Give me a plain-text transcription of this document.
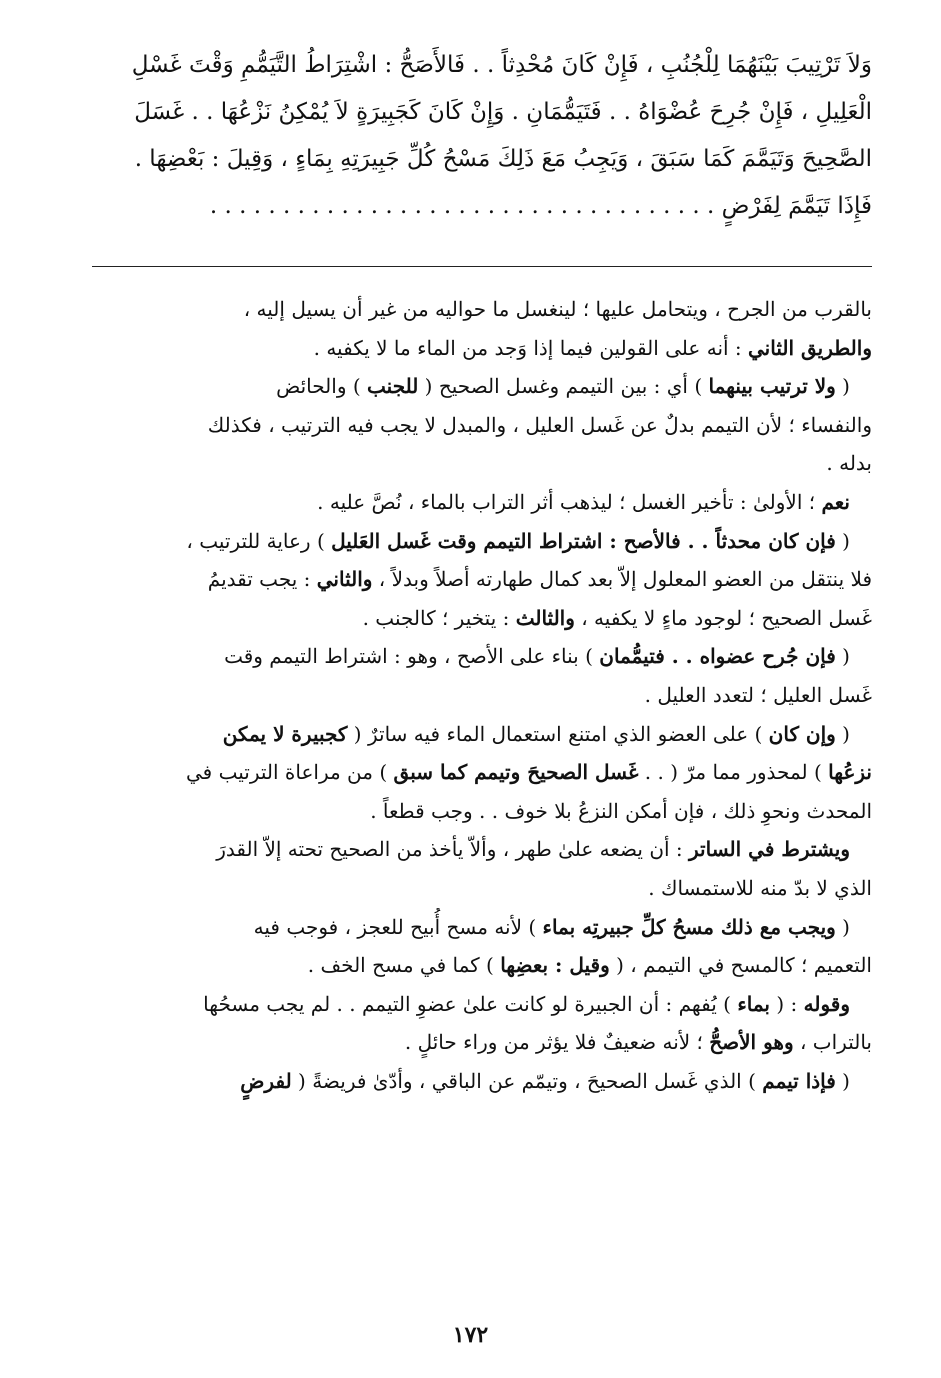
وَلاَ تَرْتِيبَ بَيْنَهُمَا لِلْجُنُبِ ، فَإِنْ كَانَ مُحْدِثاً . . فَالأَصَحُّ : اشْتِرَاطُ التَّيَمُّمِ وَقْتَ غَسْلِ
الْعَلِيلِ ، فَإِنْ جُرِحَ عُضْوَاهُ . . فَتَيَمُّمَانِ . وَإِنْ كَانَ كَجَبِيرَةٍ لاَ يُمْكِنُ نَزْعُهَا . . غَسَلَ
الصَّحِيحَ وَتَيَمَّمَ كَمَا سَبَقَ ، وَيَجِبُ مَعَ ذَلِكَ مَسْحُ كُلِّ جَبِيرَتِهِ بِمَاءٍ ، وَقِيلَ : بَعْضِهَا .
فَإِذَا تَيَمَّمَ لِفَرْضٍ . . . . . . . . . . . . . . . . . . . . . . . . . . . . . . . . . . .
بالقرب من الجرح ، ويتحامل عليها ؛ لينغسل ما حواليه من غير أن يسيل إليه ،
والطريق الثاني : أنه على القولين فيما إذا وَجد من الماء ما لا يكفيه .
( ولا ترتيب بينهما ) أي : بين التيمم وغسل الصحيح ( للجنب ) والحائض
والنفساء ؛ لأن التيمم بدلٌ عن غَسل العليل ، والمبدل لا يجب فيه الترتيب ، فكذلك
بدله .
نعم ؛ الأولىٰ : تأخير الغسل ؛ ليذهب أثر التراب بالماء ، نُصَّ عليه .
( فإن كان محدثاً . . فالأصح : اشتراط التيمم وقت غَسل العَليل ) رعاية للترتيب ،
فلا ينتقل من العضو المعلول إلاّ بعد كمال طهارته أصلاً وبدلاً ، والثاني : يجب تقديمُ
غَسل الصحيح ؛ لوجود ماءٍ لا يكفيه ، والثالث : يتخير ؛ كالجنب .
( فإن جُرح عضواه . . فتيمُّمان ) بناء على الأصح ، وهو : اشتراط التيمم وقت
غَسل العليل ؛ لتعدد العليل .
( وإن كان ) على العضو الذي امتنع استعمال الماء فيه ساترٌ ( كجبيرة لا يمكن
نزعُها ) لمحذور مما مرّ ( . . غَسل الصحيحَ وتيمم كما سبق ) من مراعاة الترتيب في
المحدث ونحوِ ذلك ، فإن أمكن النزعُ بلا خوف . . وجب قطعاً .
ويشترط في الساتر : أن يضعه علىٰ طهر ، وألاّ يأخذ من الصحيح تحته إلاّ القدرَ
الذي لا بدّ منه للاستمساك .
( ويجب مع ذلك مسحُ كلِّ جبيرتِه بماء ) لأنه مسح أُبيح للعجز ، فوجب فيه
التعميم ؛ كالمسح في التيمم ، ( وقيل : بعضِها ) كما في مسح الخف .
وقوله : ( بماء ) يُفهم : أن الجبيرة لو كانت علىٰ عضوِ التيمم . . لم يجب مسحُها
بالتراب ، وهو الأصحُّ ؛ لأنه ضعيفٌ فلا يؤثر من وراء حائلٍ .
( فإذا تيمم ) الذي غَسل الصحيحَ ، وتيمّم عن الباقي ، وأدّىٰ فريضةً ( لفرضٍ
١٧٢
